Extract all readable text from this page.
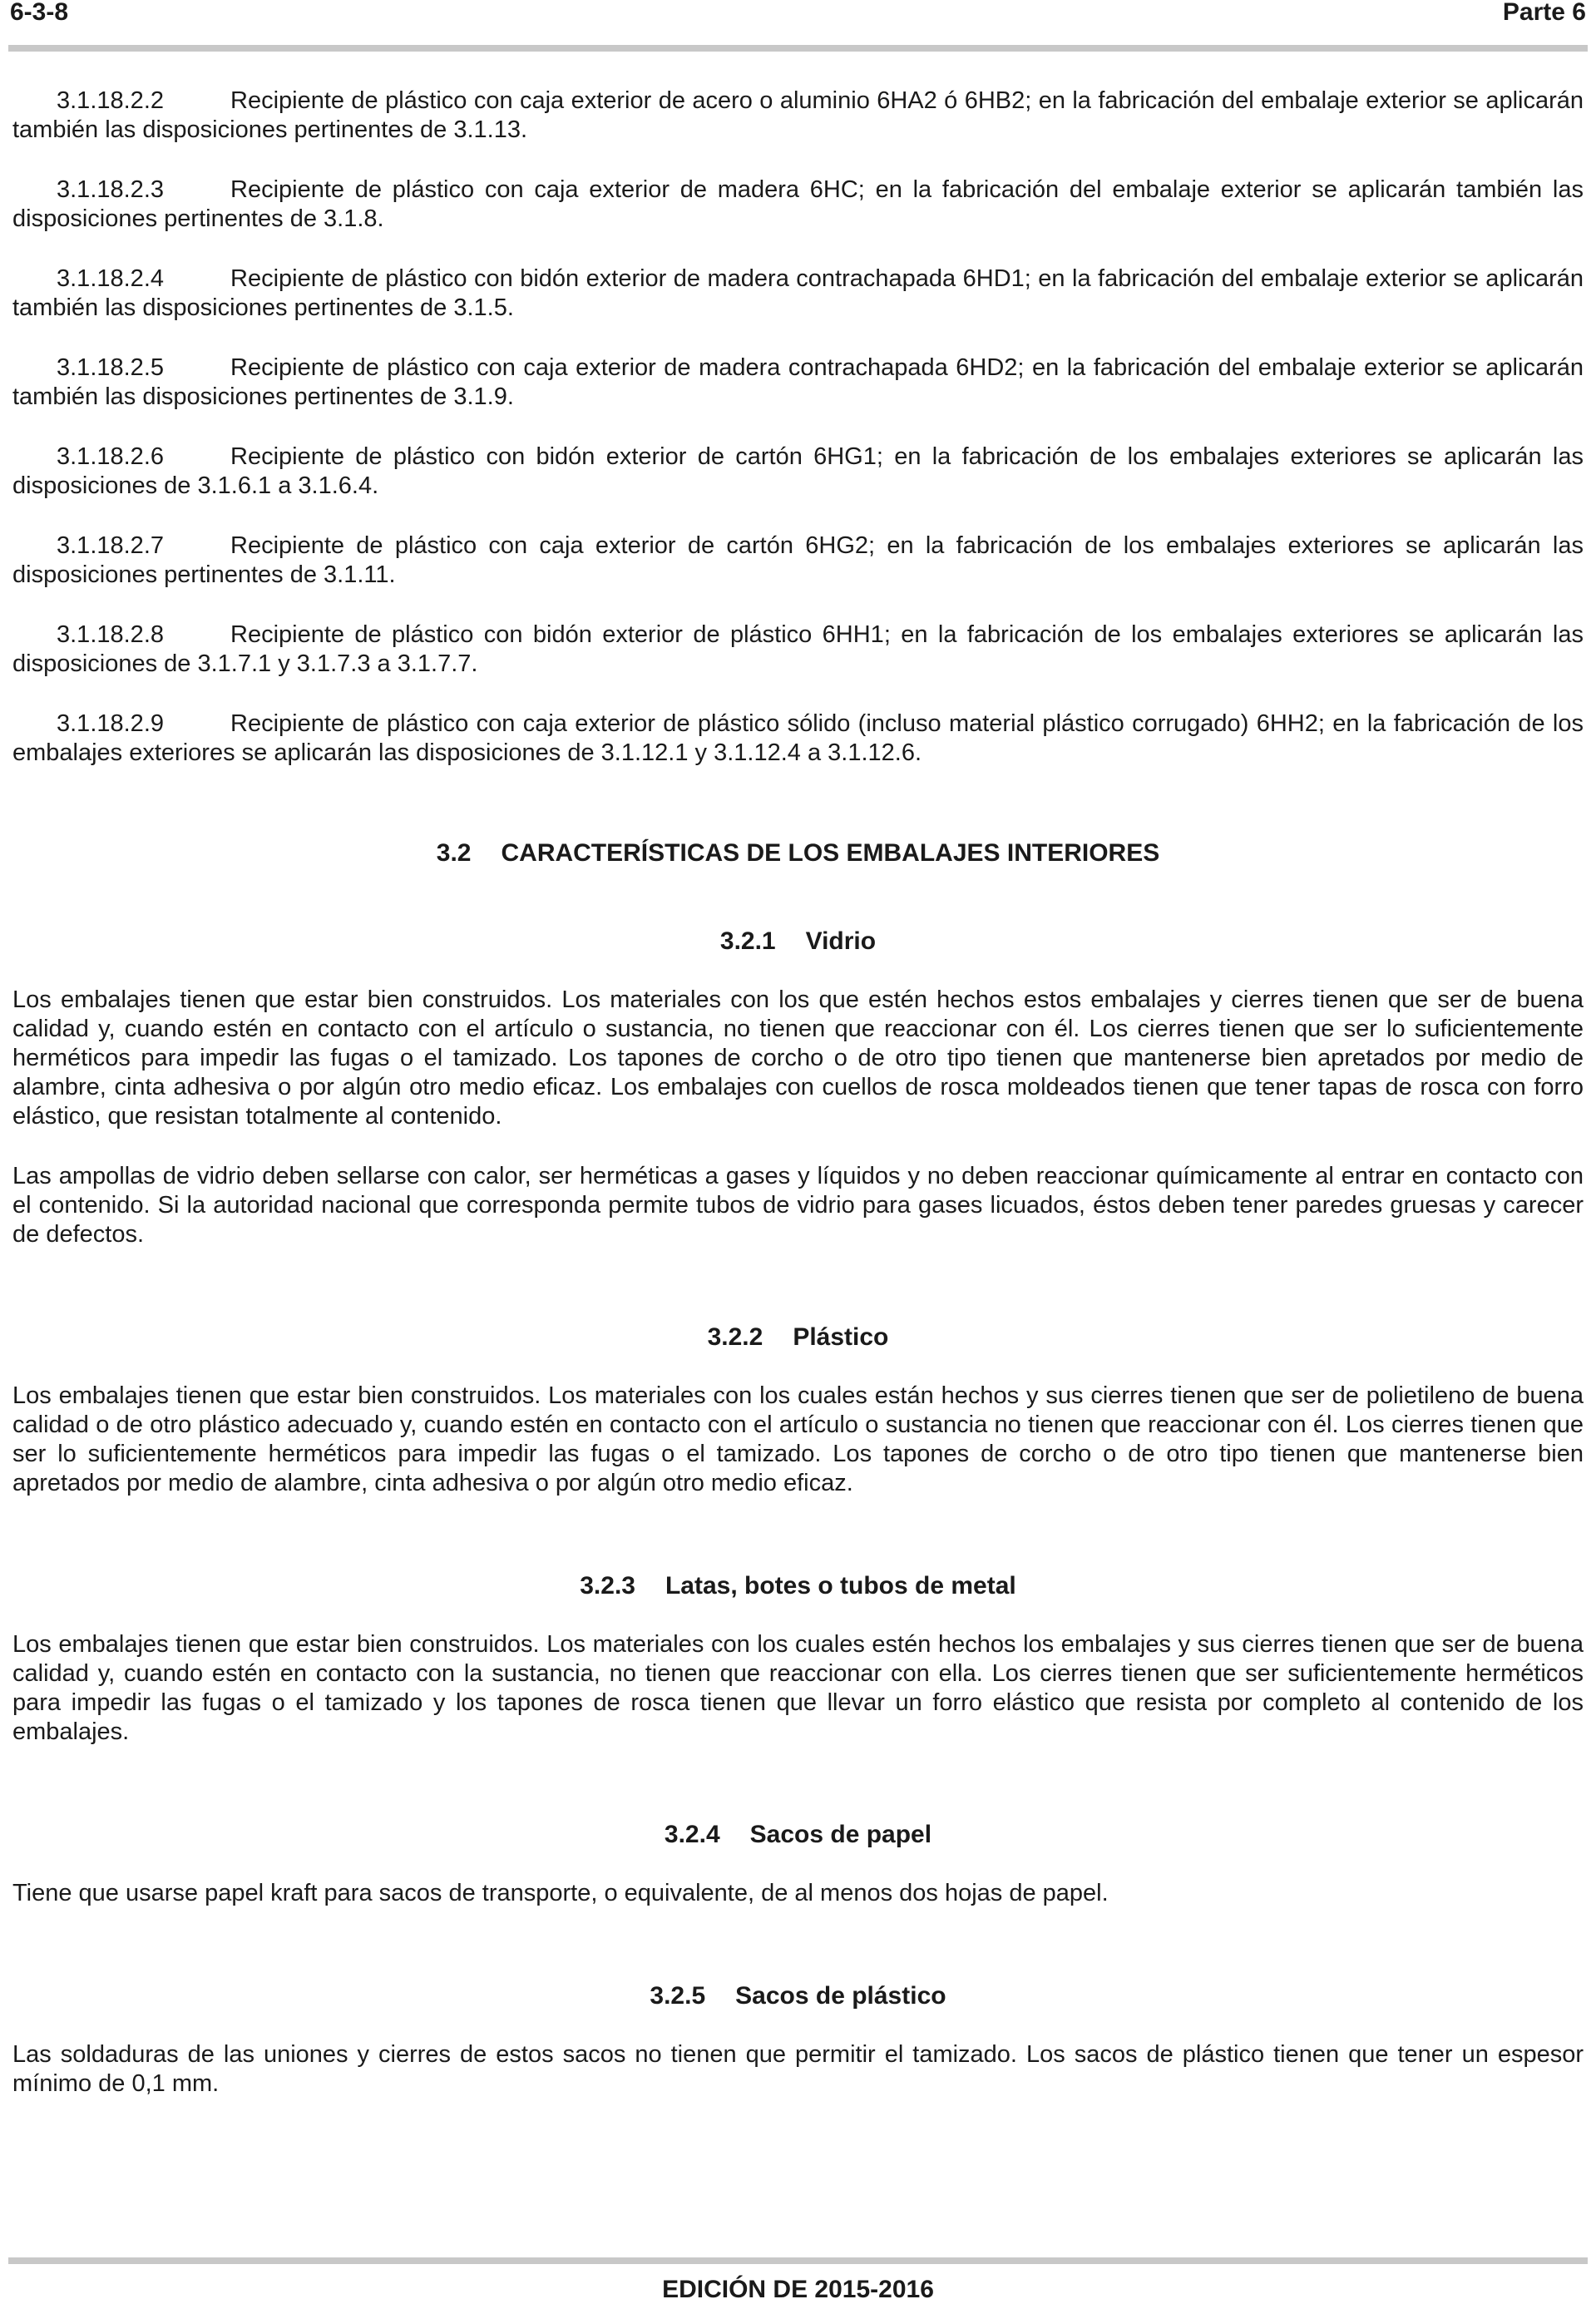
6-3-8	Parte 6

3.1.18.2.2	Recipiente de plástico con caja exterior de acero o aluminio 6HA2 ó 6HB2; en la fabricación del embalaje exterior se aplicarán también las disposiciones pertinentes de 3.1.13.

3.1.18.2.3	Recipiente de plástico con caja exterior de madera 6HC; en la fabricación del embalaje exterior se aplicarán también las disposiciones pertinentes de 3.1.8.

3.1.18.2.4	Recipiente de plástico con bidón exterior de madera contrachapada 6HD1; en la fabricación del embalaje exterior se aplicarán también las disposiciones pertinentes de 3.1.5.

3.1.18.2.5	Recipiente de plástico con caja exterior de madera contrachapada 6HD2; en la fabricación del embalaje exterior se aplicarán también las disposiciones pertinentes de 3.1.9.

3.1.18.2.6	Recipiente de plástico con bidón exterior de cartón 6HG1; en la fabricación de los embalajes exteriores se aplicarán las disposiciones de 3.1.6.1 a 3.1.6.4.

3.1.18.2.7	Recipiente de plástico con caja exterior de cartón 6HG2; en la fabricación de los embalajes exteriores se aplicarán las disposiciones pertinentes de 3.1.11.

3.1.18.2.8	Recipiente de plástico con bidón exterior de plástico 6HH1; en la fabricación de los embalajes exteriores se aplicarán las disposiciones de 3.1.7.1 y 3.1.7.3 a 3.1.7.7.

3.1.18.2.9	Recipiente de plástico con caja exterior de plástico sólido (incluso material plástico corrugado) 6HH2; en la fabricación de los embalajes exteriores se aplicarán las disposiciones de 3.1.12.1 y 3.1.12.4 a 3.1.12.6.

3.2 CARACTERÍSTICAS DE LOS EMBALAJES INTERIORES
3.2.1 Vidrio

Los embalajes tienen que estar bien construidos. Los materiales con los que estén hechos estos embalajes y cierres tienen que ser de buena calidad y, cuando estén en contacto con el artículo o sustancia, no tienen que reaccionar con él. Los cierres tienen que ser lo suficientemente herméticos para impedir las fugas o el tamizado. Los tapones de corcho o de otro tipo tienen que mantenerse bien apretados por medio de alambre, cinta adhesiva o por algún otro medio eficaz. Los embalajes con cuellos de rosca moldeados tienen que tener tapas de rosca con forro elástico, que resistan totalmente al contenido.

Las ampollas de vidrio deben sellarse con calor, ser herméticas a gases y líquidos y no deben reaccionar químicamente al entrar en contacto con el contenido. Si la autoridad nacional que corresponda permite tubos de vidrio para gases licuados, éstos deben tener paredes gruesas y carecer de defectos.

3.2.2 Plástico

Los embalajes tienen que estar bien construidos. Los materiales con los cuales están hechos y sus cierres tienen que ser de polietileno de buena calidad o de otro plástico adecuado y, cuando estén en contacto con el artículo o sustancia no tienen que reaccionar con él. Los cierres tienen que ser lo suficientemente herméticos para impedir las fugas o el tamizado. Los tapones de corcho o de otro tipo tienen que mantenerse bien apretados por medio de alambre, cinta adhesiva o por algún otro medio eficaz.

3.2.3 Latas, botes o tubos de metal

Los embalajes tienen que estar bien construidos. Los materiales con los cuales estén hechos los embalajes y sus cierres tienen que ser de buena calidad y, cuando estén en contacto con la sustancia, no tienen que reaccionar con ella. Los cierres tienen que ser suficientemente herméticos para impedir las fugas o el tamizado y los tapones de rosca tienen que llevar un forro elástico que resista por completo al contenido de los embalajes.

3.2.4 Sacos de papel

Tiene que usarse papel kraft para sacos de transporte, o equivalente, de al menos dos hojas de papel.

3.2.5 Sacos de plástico

Las soldaduras de las uniones y cierres de estos sacos no tienen que permitir el tamizado. Los sacos de plástico tienen que tener un espesor mínimo de 0,1 mm.

EDICIÓN DE 2015-2016
